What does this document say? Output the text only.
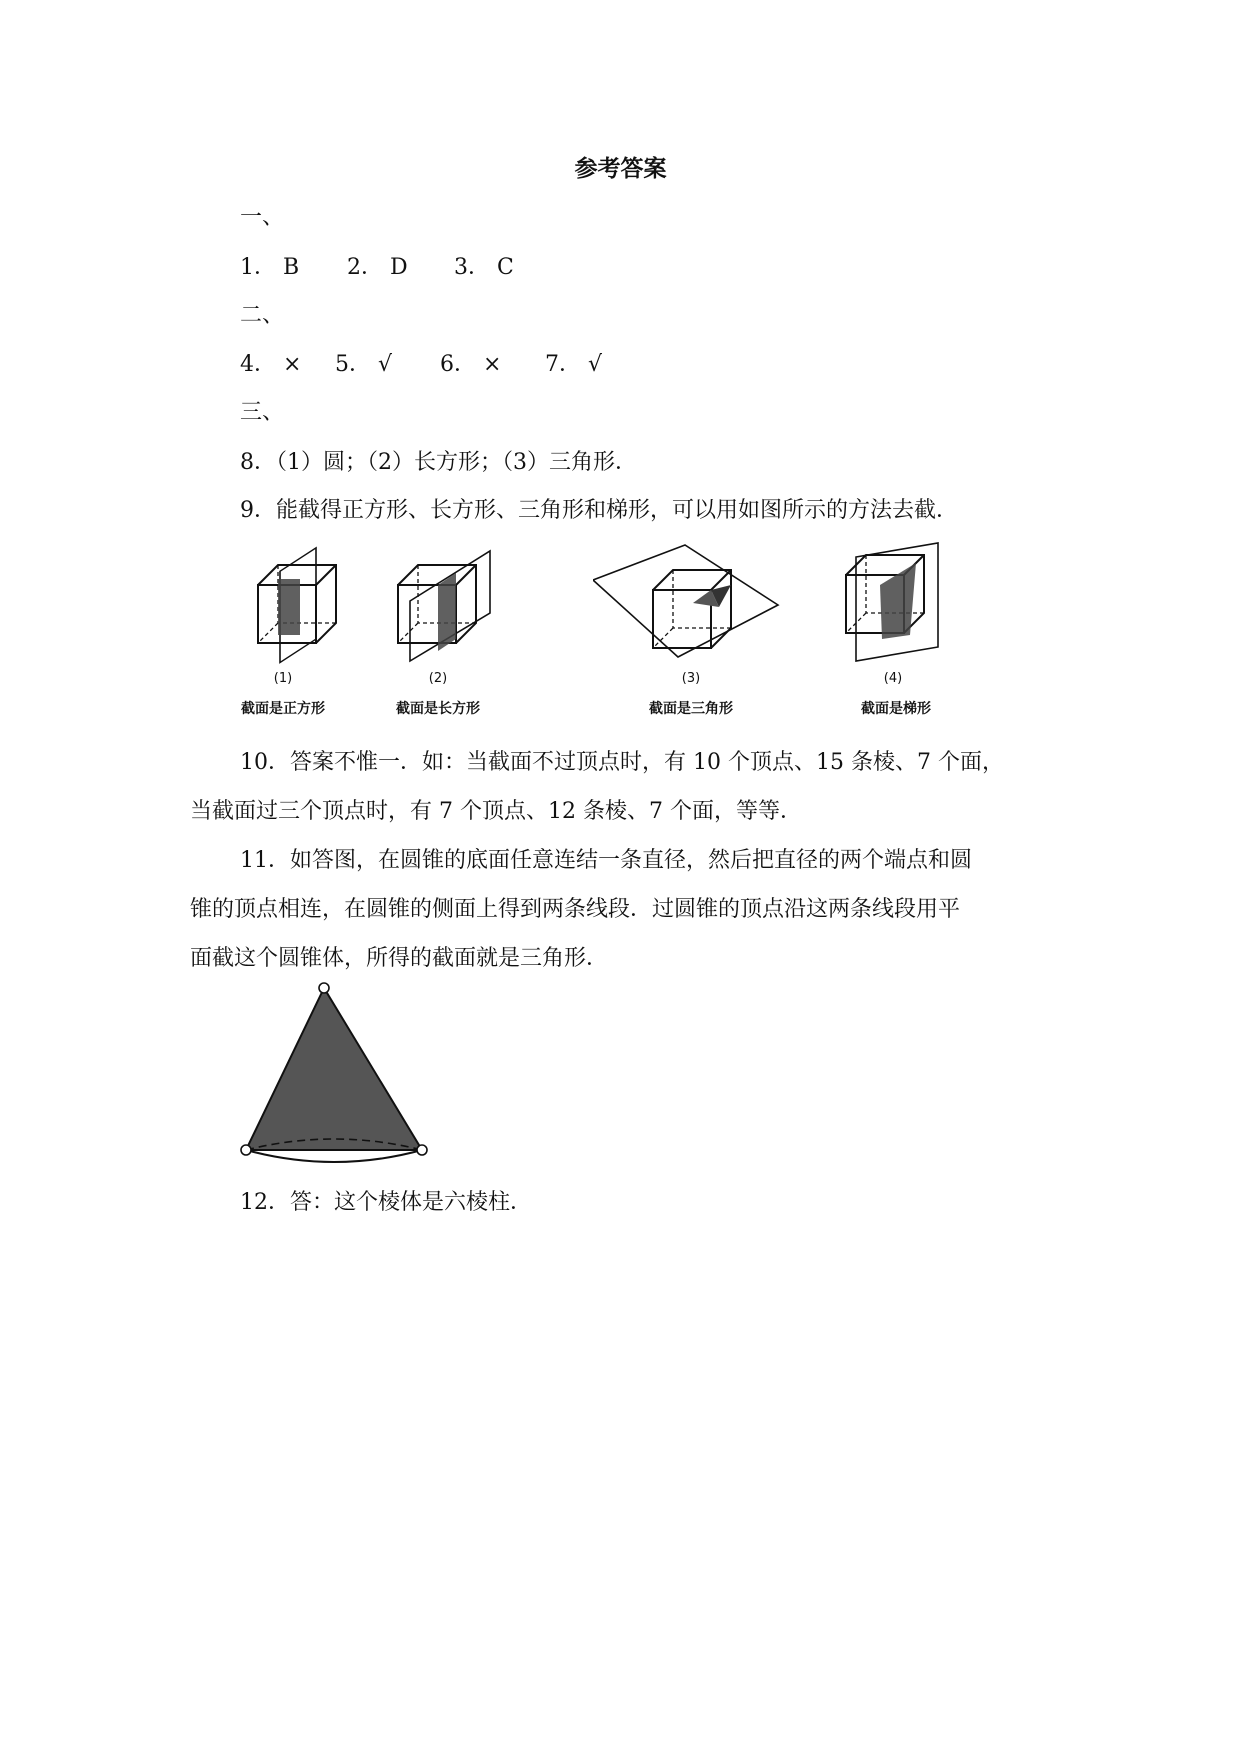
参考答案
一、
1． B 2． D 3． C
二、
4． × 5． √ 6． × 7． √
三、
8．（1）圆；（2）长方形；（3）三角形．
9．能截得正方形、长方形、三角形和梯形，可以用如图所示的方法去截．
(1)
截面是正方形
(2)
截面是长方形
(3)
截面是三角形
(4)
截面是梯形
10．答案不惟一．如：当截面不过顶点时，有 10 个顶点、15 条棱、7 个面，
当截面过三个顶点时，有 7 个顶点、12 条棱、7 个面，等等．
11．如答图，在圆锥的底面任意连结一条直径，然后把直径的两个端点和圆
锥的顶点相连，在圆锥的侧面上得到两条线段．过圆锥的顶点沿这两条线段用平
面截这个圆锥体，所得的截面就是三角形．
12．答：这个棱体是六棱柱．
